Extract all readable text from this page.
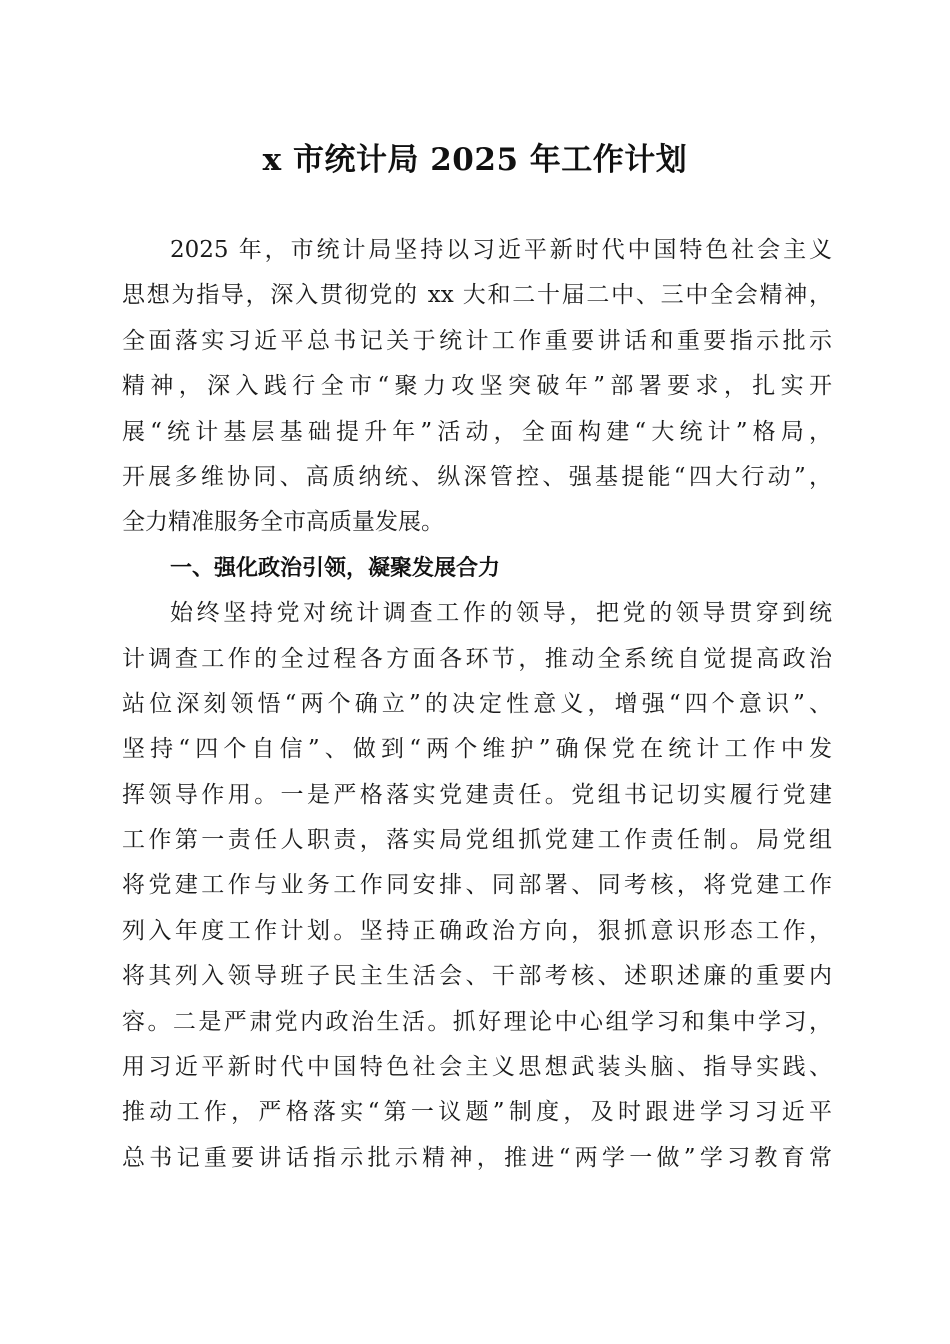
x 市统计局 2025 年工作计划
2025 年，市统计局坚持以习近平新时代中国特色社会主义
思想为指导，深入贯彻党的 xx 大和二十届二中、三中全会精神，
全面落实习近平总书记关于统计工作重要讲话和重要指示批示
精神，深入践行全市“聚力攻坚突破年”部署要求，扎实开
展“统计基层基础提升年”活动，全面构建“大统计”格局，
开展多维协同、高质纳统、纵深管控、强基提能“四大行动”，
全力精准服务全市高质量发展。
一、强化政治引领，凝聚发展合力
始终坚持党对统计调查工作的领导，把党的领导贯穿到统
计调查工作的全过程各方面各环节，推动全系统自觉提高政治
站位深刻领悟“两个确立”的决定性意义，增强“四个意识”、
坚持“四个自信”、做到“两个维护”确保党在统计工作中发
挥领导作用。一是严格落实党建责任。党组书记切实履行党建
工作第一责任人职责，落实局党组抓党建工作责任制。局党组
将党建工作与业务工作同安排、同部署、同考核，将党建工作
列入年度工作计划。坚持正确政治方向，狠抓意识形态工作，
将其列入领导班子民主生活会、干部考核、述职述廉的重要内
容。二是严肃党内政治生活。抓好理论中心组学习和集中学习，
用习近平新时代中国特色社会主义思想武装头脑、指导实践、
推动工作，严格落实“第一议题”制度，及时跟进学习习近平
总书记重要讲话指示批示精神，推进“两学一做”学习教育常
